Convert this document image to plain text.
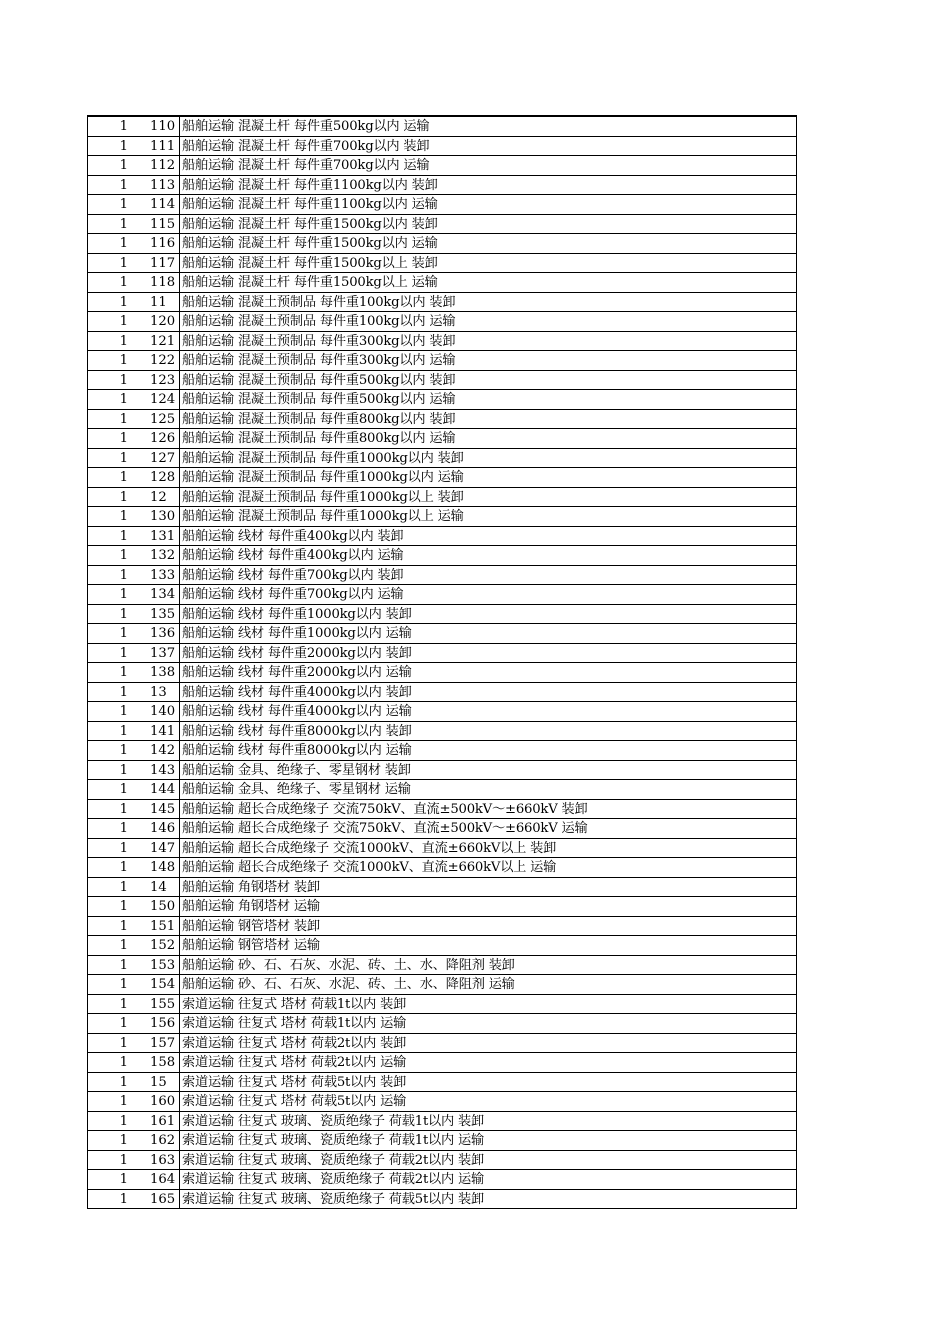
1	110 船舶运输 混凝土杆 每件重500kg以内 运输
1	111 船舶运输 混凝土杆 每件重700kg以内 装卸
1	112 船舶运输 混凝土杆 每件重700kg以内 运输
1	113 船舶运输 混凝土杆 每件重1100kg以内 装卸
1	114 船舶运输 混凝土杆 每件重1100kg以内 运输
1	115 船舶运输 混凝土杆 每件重1500kg以内 装卸
1	116 船舶运输 混凝土杆 每件重1500kg以内 运输
1	117 船舶运输 混凝土杆 每件重1500kg以上 装卸
1	118 船舶运输 混凝土杆 每件重1500kg以上 运输
1	11	船舶运输 混凝土预制品 每件重100kg以内 装卸
1	120 船舶运输 混凝土预制品 每件重100kg以内 运输
1	121 船舶运输 混凝土预制品 每件重300kg以内 装卸
1	122 船舶运输 混凝土预制品 每件重300kg以内 运输
1	123 船舶运输 混凝土预制品 每件重500kg以内 装卸
1	124 船舶运输 混凝土预制品 每件重500kg以内 运输
1	125 船舶运输 混凝土预制品 每件重800kg以内 装卸
1	126 船舶运输 混凝土预制品 每件重800kg以内 运输
1	127 船舶运输 混凝土预制品 每件重1000kg以内 装卸
1	128 船舶运输 混凝土预制品 每件重1000kg以内 运输
1	12	船舶运输 混凝土预制品 每件重1000kg以上 装卸
1	130 船舶运输 混凝土预制品 每件重1000kg以上 运输
1	131 船舶运输 线材 每件重400kg以内 装卸
1	132 船舶运输 线材 每件重400kg以内 运输
1	133 船舶运输 线材 每件重700kg以内 装卸
1	134 船舶运输 线材 每件重700kg以内 运输
1	135 船舶运输 线材 每件重1000kg以内 装卸
1	136 船舶运输 线材 每件重1000kg以内 运输
1	137 船舶运输 线材 每件重2000kg以内 装卸
1	138 船舶运输 线材 每件重2000kg以内 运输
1	13	船舶运输 线材 每件重4000kg以内 装卸
1	140 船舶运输 线材 每件重4000kg以内 运输
1	141 船舶运输 线材 每件重8000kg以内 装卸
1	142 船舶运输 线材 每件重8000kg以内 运输
1	143 船舶运输 金具、绝缘子、零星钢材 装卸
1	144 船舶运输 金具、绝缘子、零星钢材 运输
1	145 船舶运输 超长合成绝缘子 交流750kV、直流±500kV～±660kV 装卸
1	146 船舶运输 超长合成绝缘子 交流750kV、直流±500kV～±660kV 运输
1	147 船舶运输 超长合成绝缘子 交流1000kV、直流±660kV以上 装卸
1	148 船舶运输 超长合成绝缘子 交流1000kV、直流±660kV以上 运输
1	14	船舶运输 角钢塔材 装卸
1	150 船舶运输 角钢塔材 运输
1	151 船舶运输 钢管塔材 装卸
1	152 船舶运输 钢管塔材 运输
1	153 船舶运输 砂、石、石灰、水泥、砖、土、水、降阻剂 装卸
1	154 船舶运输 砂、石、石灰、水泥、砖、土、水、降阻剂 运输
1	155 索道运输 往复式 塔材 荷载1t以内 装卸
1	156 索道运输 往复式 塔材 荷载1t以内 运输
1	157 索道运输 往复式 塔材 荷载2t以内 装卸
1	158 索道运输 往复式 塔材 荷载2t以内 运输
1	15	索道运输 往复式 塔材 荷载5t以内 装卸
1	160 索道运输 往复式 塔材 荷载5t以内 运输
1	161 索道运输 往复式 玻璃、瓷质绝缘子 荷载1t以内 装卸
1	162 索道运输 往复式 玻璃、瓷质绝缘子 荷载1t以内 运输
1	163 索道运输 往复式 玻璃、瓷质绝缘子 荷载2t以内 装卸
1	164 索道运输 往复式 玻璃、瓷质绝缘子 荷载2t以内 运输
1	165 索道运输 往复式 玻璃、瓷质绝缘子 荷载5t以内 装卸
